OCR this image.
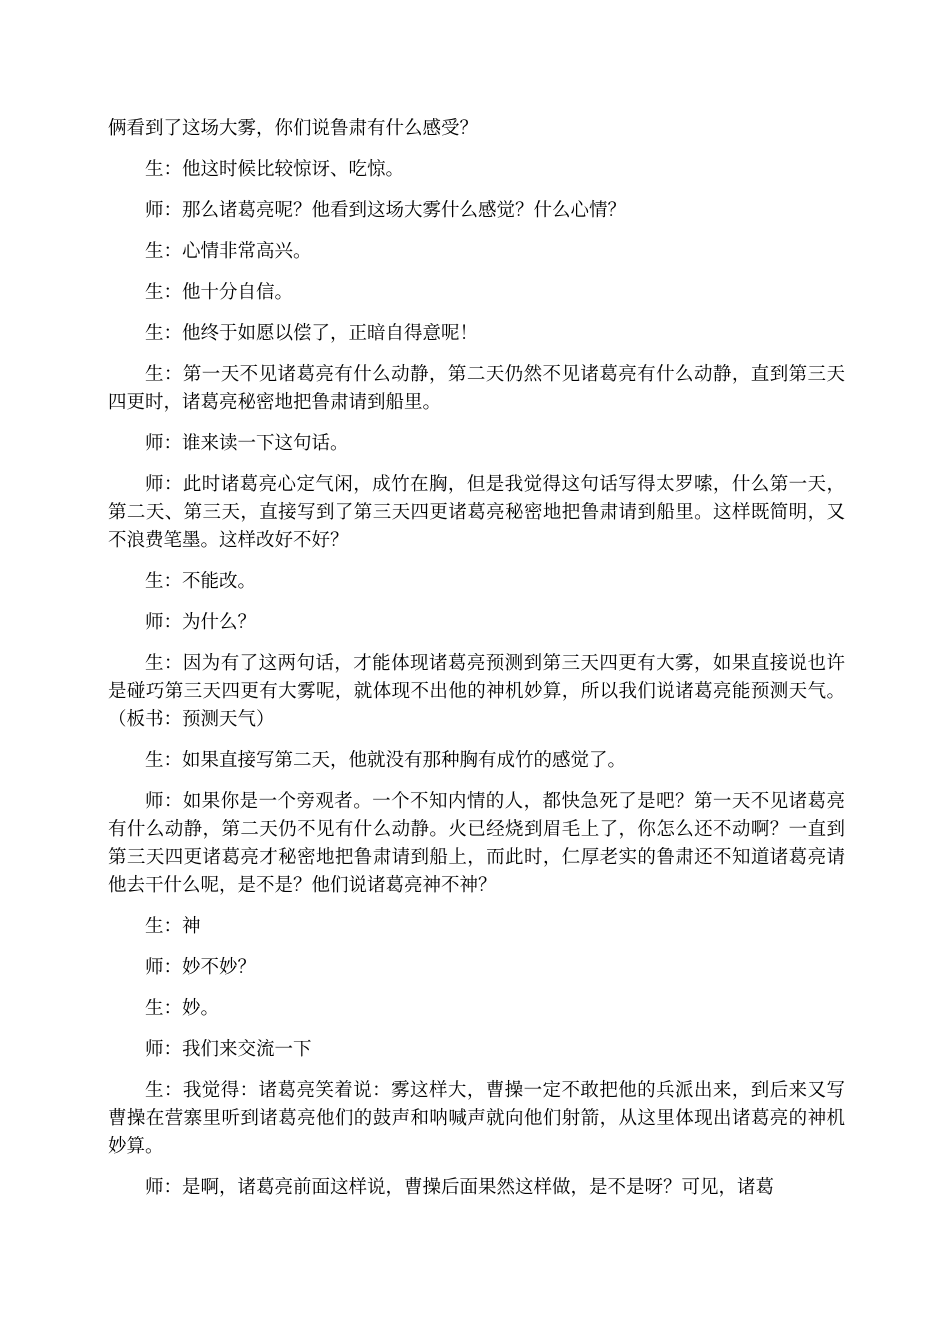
俩看到了这场大雾，你们说鲁肃有什么感受？

生：他这时候比较惊讶、吃惊。

师：那么诸葛亮呢？他看到这场大雾什么感觉？什么心情？

生：心情非常高兴。

生：他十分自信。

生：他终于如愿以偿了，正暗自得意呢！

生：第一天不见诸葛亮有什么动静，第二天仍然不见诸葛亮有什么动静，直到第三天四更时，诸葛亮秘密地把鲁肃请到船里。

师：谁来读一下这句话。

师：此时诸葛亮心定气闲，成竹在胸，但是我觉得这句话写得太罗嗦，什么第一天，第二天、第三天，直接写到了第三天四更诸葛亮秘密地把鲁肃请到船里。这样既简明，又不浪费笔墨。这样改好不好？

生：不能改。

师：为什么？

生：因为有了这两句话，才能体现诸葛亮预测到第三天四更有大雾，如果直接说也许是碰巧第三天四更有大雾呢，就体现不出他的神机妙算，所以我们说诸葛亮能预测天气。（板书：预测天气）

生：如果直接写第二天，他就没有那种胸有成竹的感觉了。

师：如果你是一个旁观者。一个不知内情的人，都快急死了是吧？第一天不见诸葛亮有什么动静，第二天仍不见有什么动静。火已经烧到眉毛上了，你怎么还不动啊？一直到第三天四更诸葛亮才秘密地把鲁肃请到船上，而此时，仁厚老实的鲁肃还不知道诸葛亮请他去干什么呢，是不是？他们说诸葛亮神不神？

生：神

师：妙不妙？

生：妙。

师：我们来交流一下

生：我觉得：诸葛亮笑着说：雾这样大，曹操一定不敢把他的兵派出来，到后来又写曹操在营寨里听到诸葛亮他们的鼓声和呐喊声就向他们射箭，从这里体现出诸葛亮的神机妙算。

师：是啊，诸葛亮前面这样说，曹操后面果然这样做，是不是呀？可见，诸葛
